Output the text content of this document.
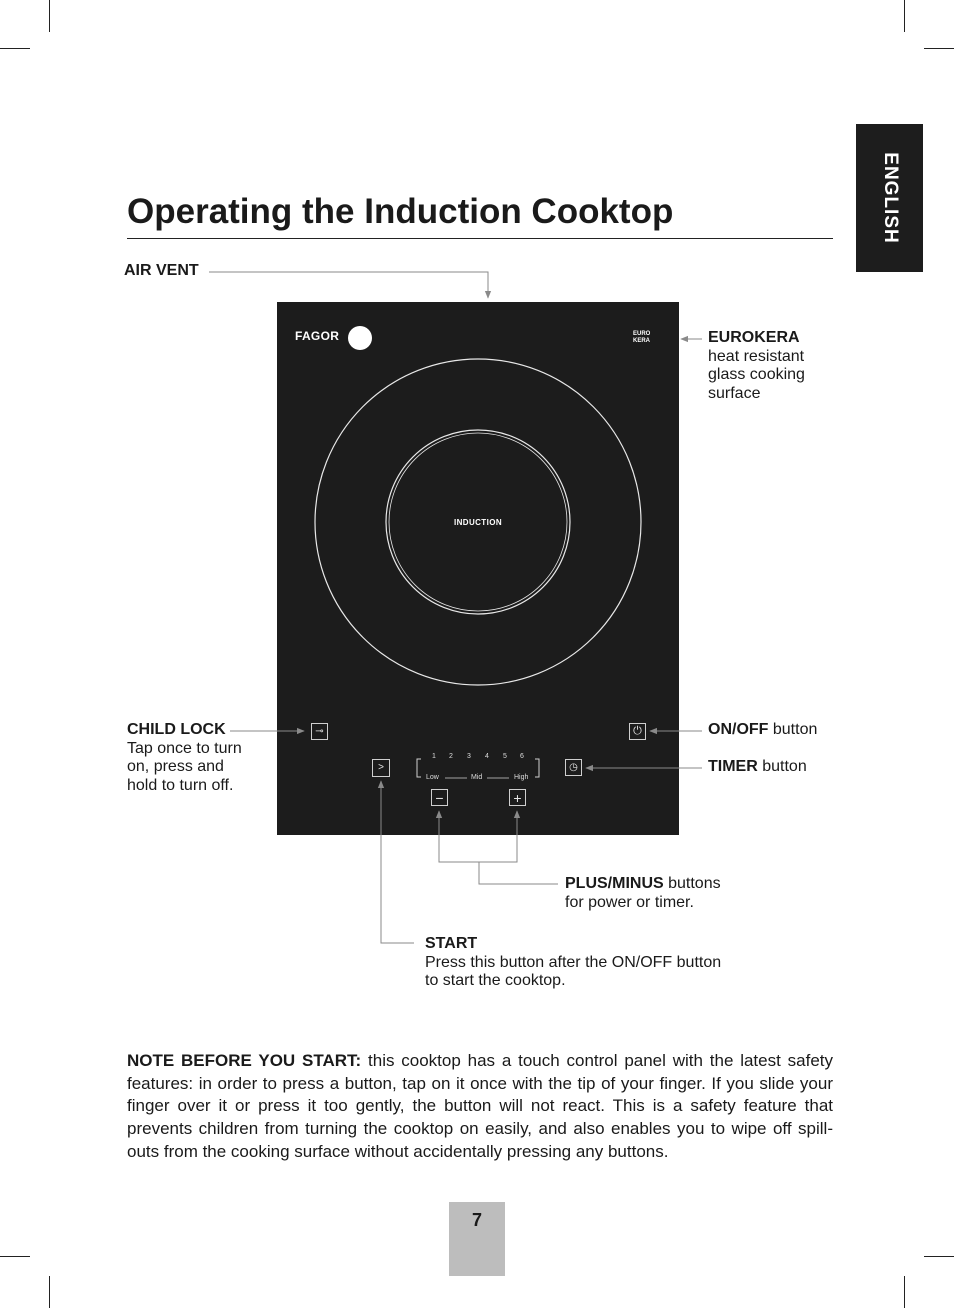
ENGLISH
Operating the Induction Cooktop
FAGOR	EURO
KERA
INDUCTION
⊸	⏻
>	◷
−	+
1 2 3 4 5 6
Low	Mid	High
AIR VENT
EUROKERA
heat resistant
glass cooking
surface
CHILD LOCK
Tap once to turn
on, press and
hold to turn off.
ON/OFF button
TIMER button
PLUS/MINUS buttons
for power or timer.
START
Press this button after the ON/OFF button
to start the cooktop.

NOTE BEFORE YOU START: this cooktop has a touch control panel with the latest safety features: in order to press a button, tap on it once with the tip of your finger. If you slide your finger over it or press it too gently, the button will not react. This is a safety feature that prevents children from turning the cooktop on easily, and also enables you to wipe off spill-outs from the cooking surface without accidentally pressing any buttons.

7
